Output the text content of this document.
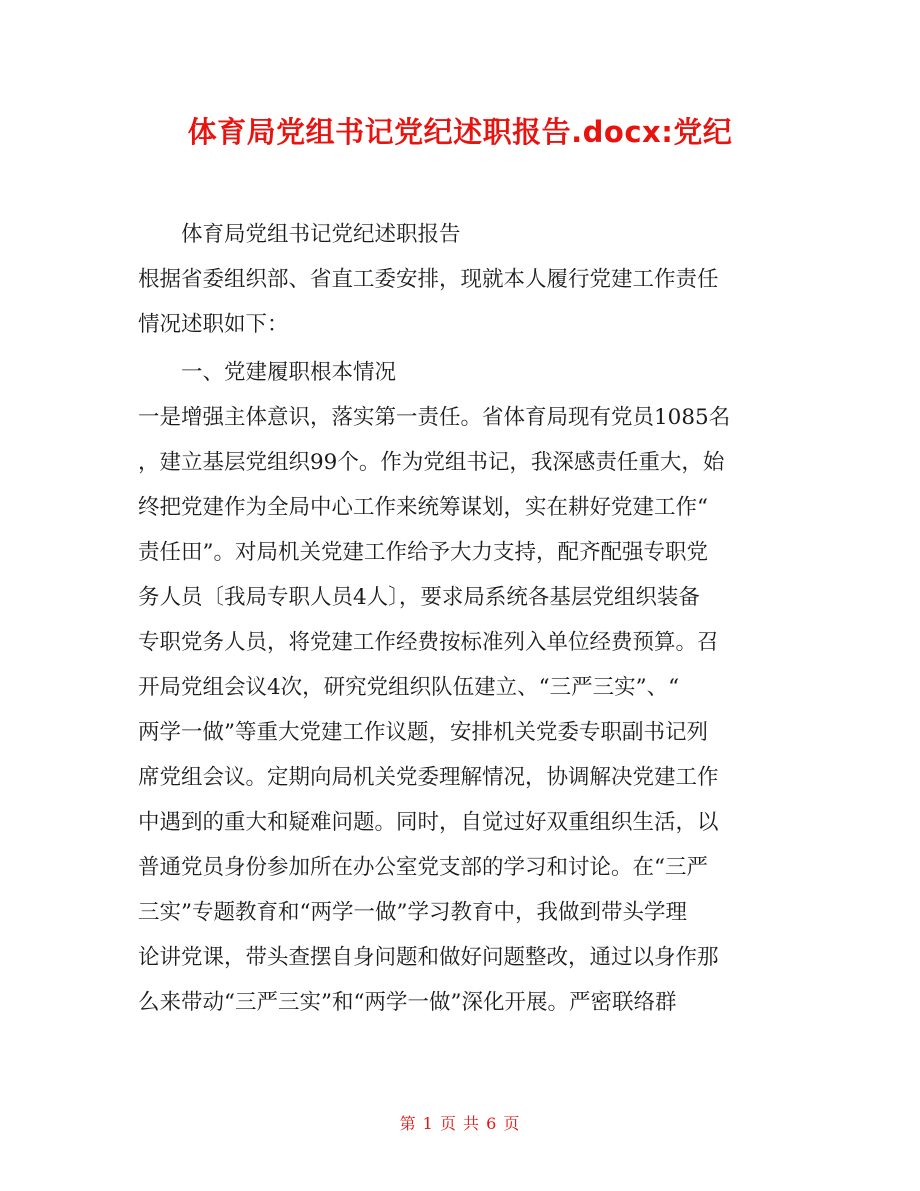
体育局党组书记党纪述职报告.docx:党纪
体育局党组书记党纪述职报告
根据省委组织部、省直工委安排，现就本人履行党建工作责任
情况述职如下：
一、党建履职根本情况
一是增强主体意识，落实第一责任。省体育局现有党员1085名
，建立基层党组织99个。作为党组书记，我深感责任重大，始
终把党建作为全局中心工作来统筹谋划，实在耕好党建工作“
责任田”。对局机关党建工作给予大力支持，配齐配强专职党
务人员〔我局专职人员4人〕，要求局系统各基层党组织装备
专职党务人员，将党建工作经费按标准列入单位经费预算。召
开局党组会议4次，研究党组织队伍建立、“三严三实”、“
两学一做”等重大党建工作议题，安排机关党委专职副书记列
席党组会议。定期向局机关党委理解情况，协调解决党建工作
中遇到的重大和疑难问题。同时，自觉过好双重组织生活，以
普通党员身份参加所在办公室党支部的学习和讨论。在“三严
三实”专题教育和“两学一做”学习教育中，我做到带头学理
论讲党课，带头查摆自身问题和做好问题整改，通过以身作那
么来带动“三严三实”和“两学一做”深化开展。严密联络群
第 1 页 共 6 页
